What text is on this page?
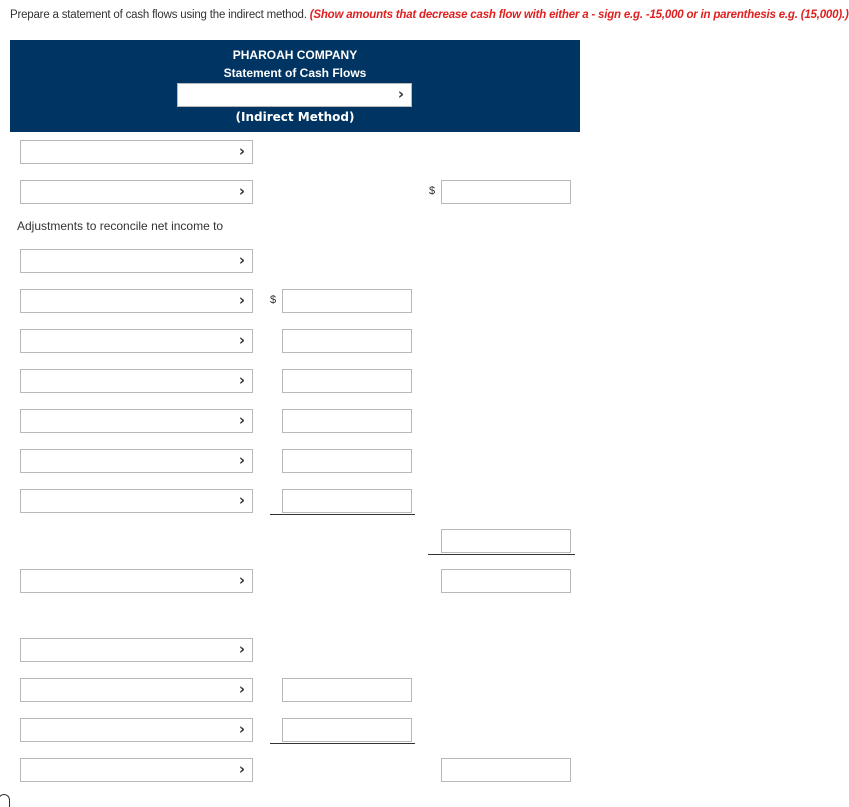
Prepare a statement of cash flows using the indirect method. (Show amounts that decrease cash flow with either a - sign e.g. -15,000 or in parenthesis e.g. (15,000).)
PHAROAH COMPANY
Statement of Cash Flows
(Indirect Method)
›
›
›	$
Adjustments to reconcile net income to
›
› $
›
›
›
›
›
›
›
›
›
›
